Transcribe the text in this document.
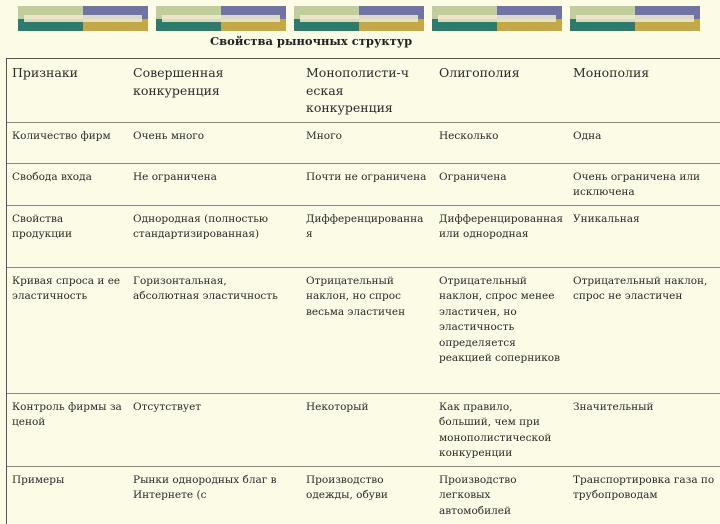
Свойства рыночных структур
Признаки	Совершенная конкуренция	Монополисти-ч еская конкуренция	Олигополия	Монополия
Количество фирм	Очень много	Много	Несколько	Одна
Свобода входа	Не ограничена	Почти не ограничена	Ограничена	Очень ограничена или исключена
Свойства продукции	Однородная (полностью стандартизированная)	Дифференцированная	Дифференцированная или однородная	Уникальная
Кривая спроса и ее эластичность	Горизонтальная, абсолютная эластичность	Отрицательный наклон, но спрос весьма эластичен	Отрицательный наклон, спрос менее эластичен, но эластичность определяется реакцией соперников	Отрицательный наклон, спрос не эластичен
Контроль фирмы за ценой	Отсутствует	Некоторый	Как правило, больший, чем при монополистической конкуренции	Значительный
Примеры	Рынки однородных благ в Интернете (с	Производство одежды, обуви	Производство легковых автомобилей	Транспортировка газа по трубопроводам
